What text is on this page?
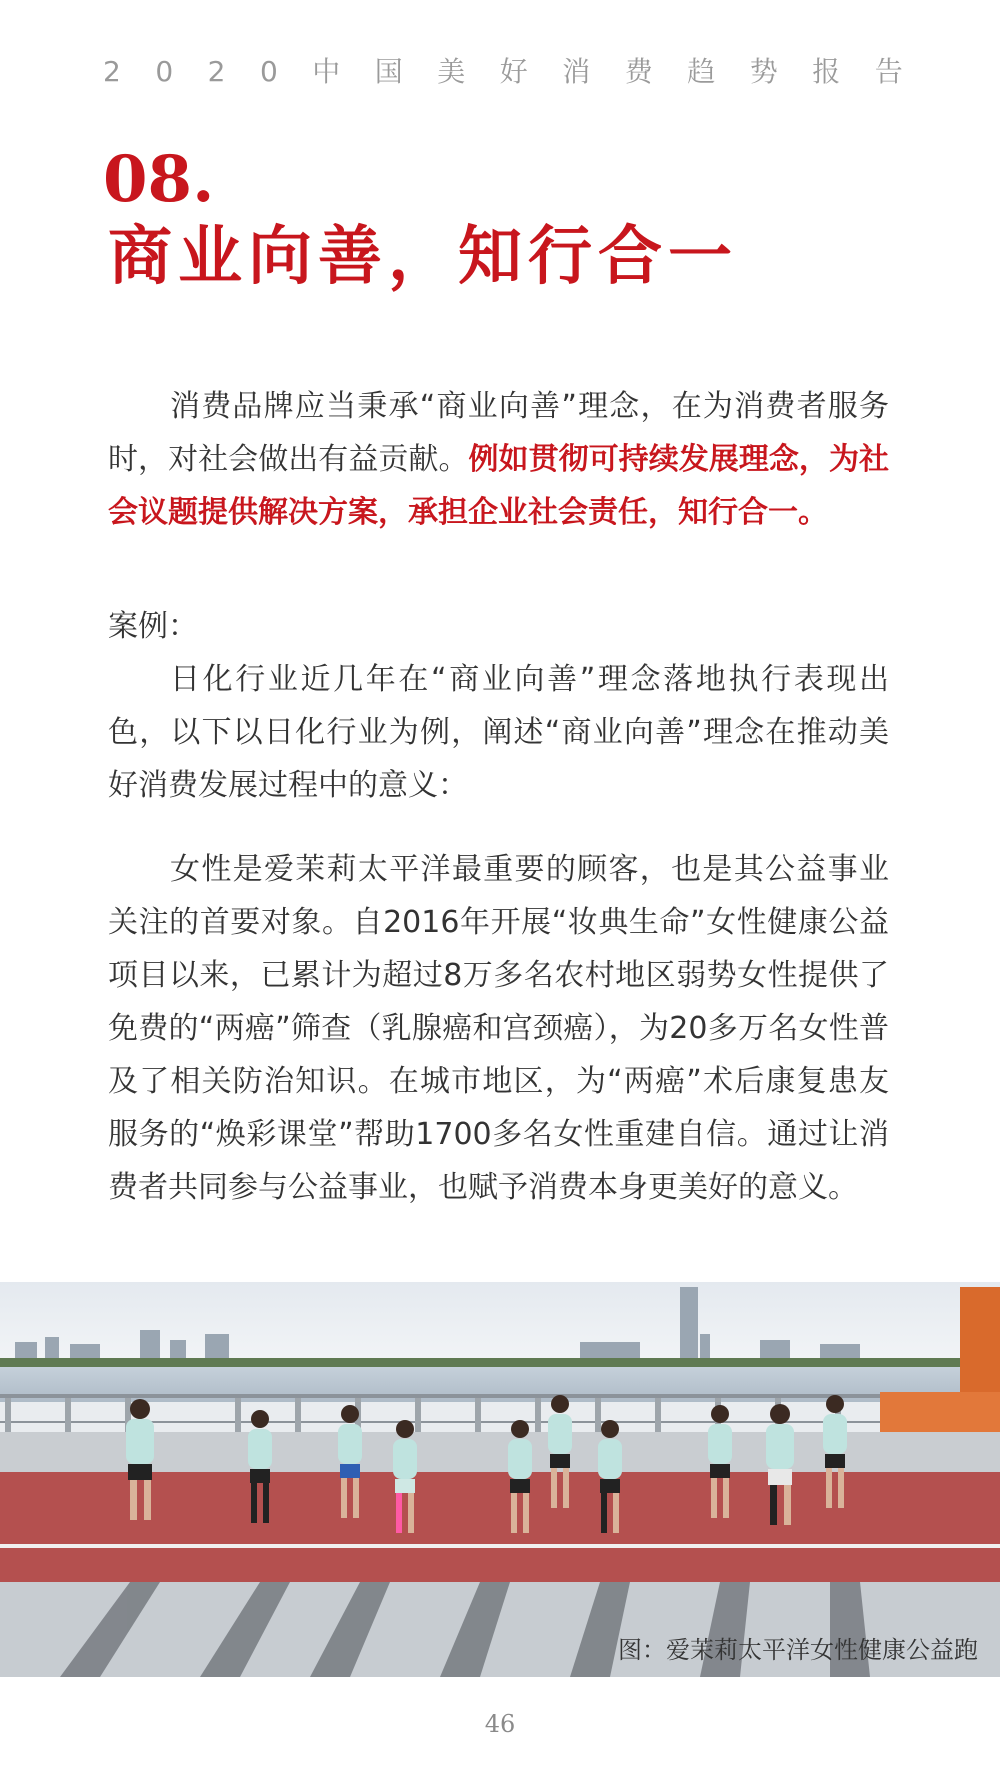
2020中国美好消费趋势报告
08.
商业向善，知行合一
消费品牌应当秉承“商业向善”理念，在为消费者服务时，对社会做出有益贡献。例如贯彻可持续发展理念，为社会议题提供解决方案，承担企业社会责任，知行合一。
案例：
日化行业近几年在“商业向善”理念落地执行表现出色，以下以日化行业为例，阐述“商业向善”理念在推动美好消费发展过程中的意义：
女性是爱茉莉太平洋最重要的顾客，也是其公益事业关注的首要对象。自2016年开展“妆典生命”女性健康公益项目以来，已累计为超过8万多名农村地区弱势女性提供了免费的“两癌”筛查（乳腺癌和宫颈癌），为20多万名女性普及了相关防治知识。在城市地区，为“两癌”术后康复患友服务的“焕彩课堂”帮助1700多名女性重建自信。通过让消费者共同参与公益事业，也赋予消费本身更美好的意义。
图：爱茉莉太平洋女性健康公益跑
46
